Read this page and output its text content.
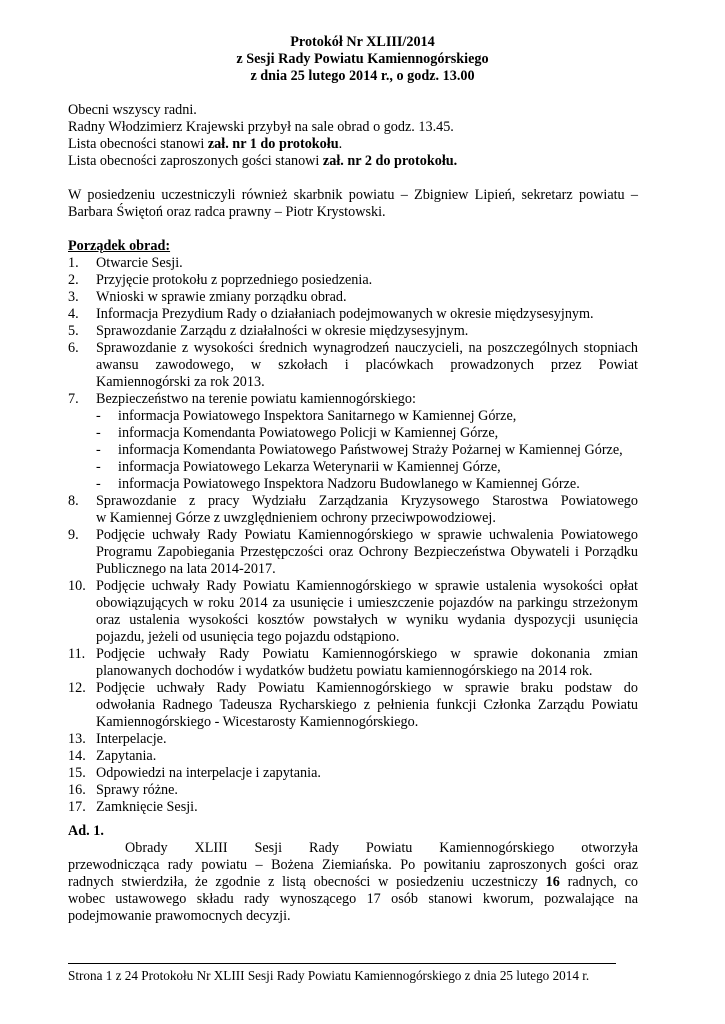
Protokół Nr XLIII/2014
z Sesji Rady Powiatu Kamiennogórskiego
z dnia 25 lutego 2014 r., o godz. 13.00
Obecni wszyscy radni.
Radny Włodzimierz Krajewski przybył na sale obrad o godz. 13.45.
Lista obecności stanowi zał. nr 1 do protokołu.
Lista obecności zaproszonych gości stanowi zał. nr 2 do protokołu.
W posiedzeniu uczestniczyli również skarbnik powiatu – Zbigniew Lipień, sekretarz powiatu –
Barbara Świętoń oraz radca prawny – Piotr Krystowski.
Porządek obrad:
1. Otwarcie Sesji.
2. Przyjęcie protokołu z poprzedniego posiedzenia.
3. Wnioski w sprawie zmiany porządku obrad.
4. Informacja Prezydium Rady o działaniach podejmowanych w okresie międzysesyjnym.
5. Sprawozdanie Zarządu z działalności w okresie międzysesyjnym.
6. Sprawozdanie z wysokości średnich wynagrodzeń nauczycieli, na poszczególnych stopniach
awansu zawodowego, w szkołach i placówkach prowadzonych przez Powiat
Kamiennogórski za rok 2013.
7. Bezpieczeństwo na terenie powiatu kamiennogórskiego:
- informacja Powiatowego Inspektora Sanitarnego w Kamiennej Górze,
- informacja Komendanta Powiatowego Policji w Kamiennej Górze,
- informacja Komendanta Powiatowego Państwowej Straży Pożarnej w Kamiennej Górze,
- informacja Powiatowego Lekarza Weterynarii w Kamiennej Górze,
- informacja Powiatowego Inspektora Nadzoru Budowlanego w Kamiennej Górze.
8. Sprawozdanie z pracy Wydziału Zarządzania Kryzysowego Starostwa Powiatowego
w Kamiennej Górze z uwzględnieniem ochrony przeciwpowodziowej.
9. Podjęcie uchwały Rady Powiatu Kamiennogórskiego w sprawie uchwalenia Powiatowego
Programu Zapobiegania Przestępczości oraz Ochrony Bezpieczeństwa Obywateli i Porządku
Publicznego na lata 2014-2017.
10. Podjęcie uchwały Rady Powiatu Kamiennogórskiego w sprawie ustalenia wysokości opłat
obowiązujących w roku 2014 za usunięcie i umieszczenie pojazdów na parkingu strzeżonym
oraz ustalenia wysokości kosztów powstałych w wyniku wydania dyspozycji usunięcia
pojazdu, jeżeli od usunięcia tego pojazdu odstąpiono.
11. Podjęcie uchwały Rady Powiatu Kamiennogórskiego w sprawie dokonania zmian
planowanych dochodów i wydatków budżetu powiatu kamiennogórskiego na 2014 rok.
12. Podjęcie uchwały Rady Powiatu Kamiennogórskiego w sprawie braku podstaw do
odwołania Radnego Tadeusza Rycharskiego z pełnienia funkcji Członka Zarządu Powiatu
Kamiennogórskiego - Wicestarosty Kamiennogórskiego.
13. Interpelacje.
14. Zapytania.
15. Odpowiedzi na interpelacje i zapytania.
16. Sprawy różne.
17. Zamknięcie Sesji.
Ad. 1.
Obrady XLIII Sesji Rady Powiatu Kamiennogórskiego otworzyła
przewodnicząca rady powiatu – Bożena Ziemiańska. Po powitaniu zaproszonych gości oraz
radnych stwierdziła, że zgodnie z listą obecności w posiedzeniu uczestniczy 16 radnych, co
wobec ustawowego składu rady wynoszącego 17 osób stanowi kworum, pozwalające na
podejmowanie prawomocnych decyzji.
Strona 1 z 24 Protokołu Nr XLIII Sesji Rady Powiatu Kamiennogórskiego z dnia 25 lutego 2014 r.
